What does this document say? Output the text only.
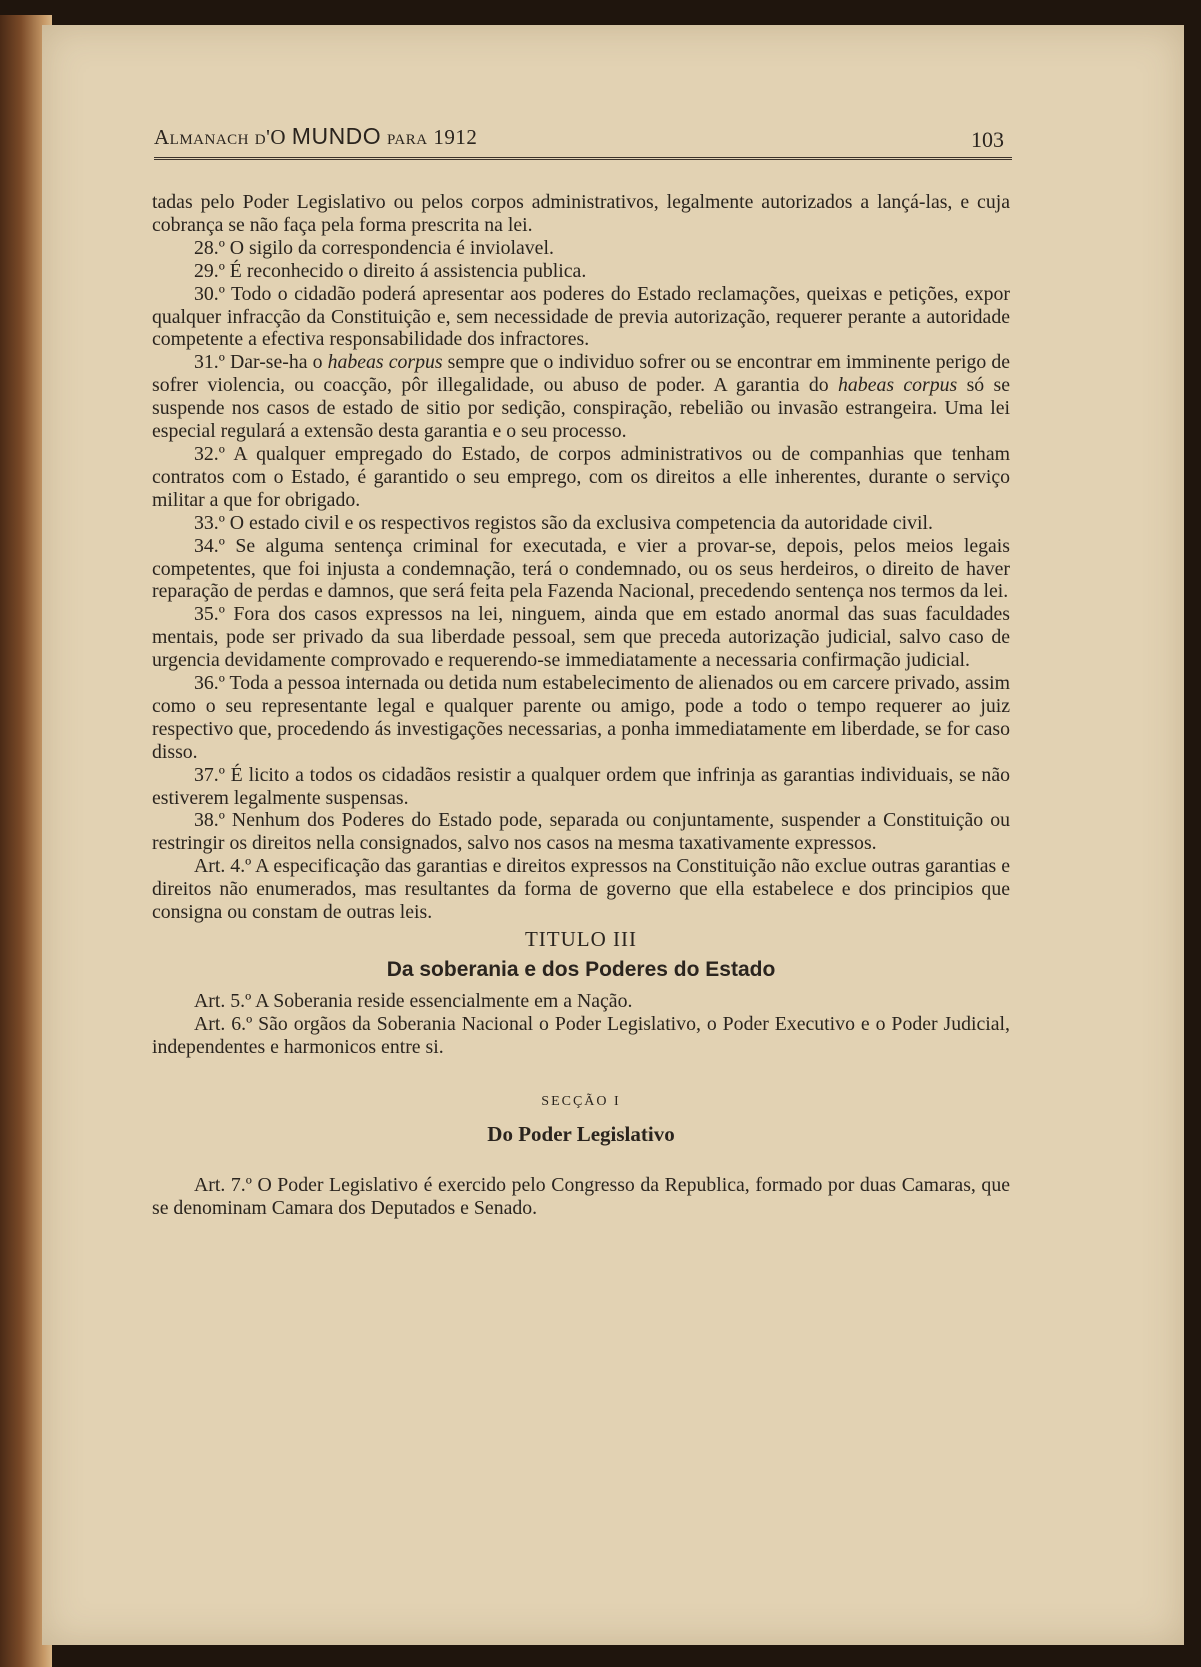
Almanach d'O MUNDO para 1912	103

tadas pelo Poder Legislativo ou pelos corpos administrativos, legalmente autorizados a lançá-las, e cuja cobrança se não faça pela forma prescrita na lei.

28.º O sigilo da correspondencia é inviolavel.

29.º É reconhecido o direito á assistencia publica.

30.º Todo o cidadão poderá apresentar aos poderes do Estado reclamações, queixas e petições, expor qualquer infracção da Constituição e, sem necessidade de previa autorização, requerer perante a autoridade competente a efectiva responsabilidade dos infractores.

31.º Dar-se-ha o habeas corpus sempre que o individuo sofrer ou se encontrar em imminente perigo de sofrer violencia, ou coacção, pôr illegalidade, ou abuso de poder. A garantia do habeas corpus só se suspende nos casos de estado de sitio por sedição, conspiração, rebelião ou invasão estrangeira. Uma lei especial regulará a extensão desta garantia e o seu processo.

32.º A qualquer empregado do Estado, de corpos administrativos ou de companhias que tenham contratos com o Estado, é garantido o seu emprego, com os direitos a elle inherentes, durante o serviço militar a que for obrigado.

33.º O estado civil e os respectivos registos são da exclusiva competencia da autoridade civil.

34.º Se alguma sentença criminal for executada, e vier a provar-se, depois, pelos meios legais competentes, que foi injusta a condemnação, terá o condemnado, ou os seus herdeiros, o direito de haver reparação de perdas e damnos, que será feita pela Fazenda Nacional, precedendo sentença nos termos da lei.

35.º Fora dos casos expressos na lei, ninguem, ainda que em estado anormal das suas faculdades mentais, pode ser privado da sua liberdade pessoal, sem que preceda autorização judicial, salvo caso de urgencia devidamente comprovado e requerendo-se immediatamente a necessaria confirmação judicial.

36.º Toda a pessoa internada ou detida num estabelecimento de alienados ou em carcere privado, assim como o seu representante legal e qualquer parente ou amigo, pode a todo o tempo requerer ao juiz respectivo que, procedendo ás investigações necessarias, a ponha immediatamente em liberdade, se for caso disso.

37.º É licito a todos os cidadãos resistir a qualquer ordem que infrinja as garantias individuais, se não estiverem legalmente suspensas.

38.º Nenhum dos Poderes do Estado pode, separada ou conjuntamente, suspender a Constituição ou restringir os direitos nella consignados, salvo nos casos na mesma taxativamente expressos.

Art. 4.º A especificação das garantias e direitos expressos na Constituição não exclue outras garantias e direitos não enumerados, mas resultantes da forma de governo que ella estabelece e dos principios que consigna ou constam de outras leis.

TITULO III
Da soberania e dos Poderes do Estado

Art. 5.º A Soberania reside essencialmente em a Nação.

Art. 6.º São orgãos da Soberania Nacional o Poder Legislativo, o Poder Executivo e o Poder Judicial, independentes e harmonicos entre si.

SECÇÃO I
Do Poder Legislativo

Art. 7.º O Poder Legislativo é exercido pelo Congresso da Republica, formado por duas Camaras, que se denominam Camara dos Deputados e Senado.
